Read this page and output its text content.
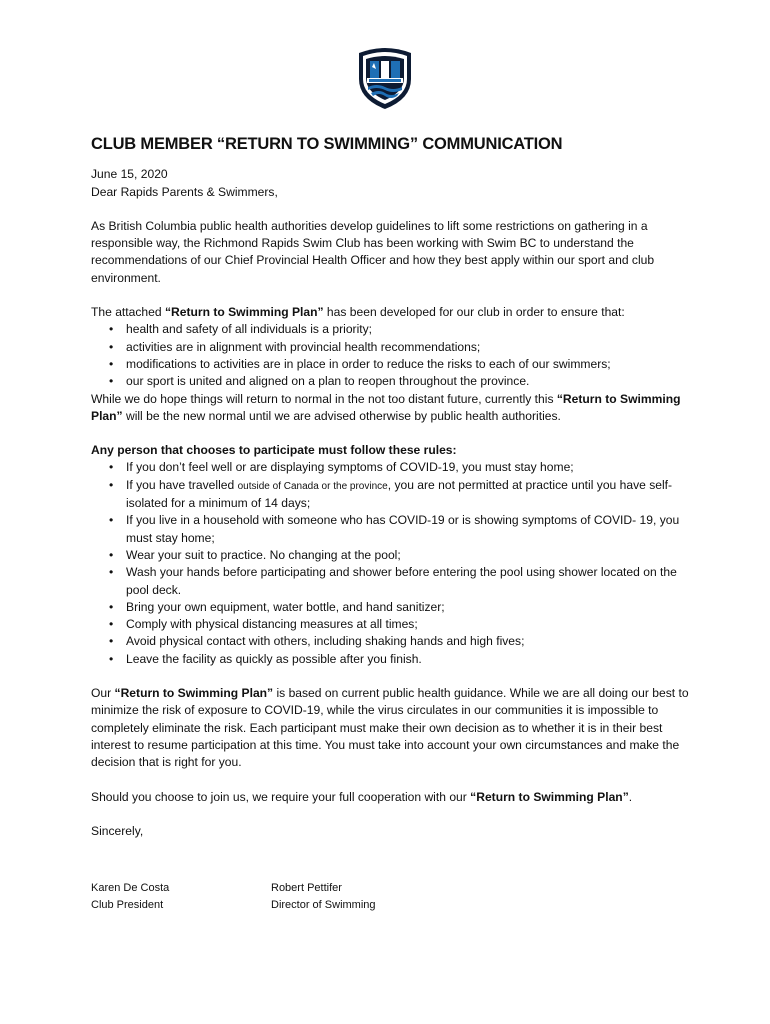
CLUB MEMBER “RETURN TO SWIMMING” COMMUNICATION

June 15, 2020

Dear Rapids Parents & Swimmers,

As British Columbia public health authorities develop guidelines to lift some restrictions on gathering in a responsible way, the Richmond Rapids Swim Club has been working with Swim BC to understand the recommendations of our Chief Provincial Health Officer and how they best apply within our sport and club environment.

The attached “Return to Swimming Plan” has been developed for our club in order to ensure that:

• health and safety of all individuals is a priority;
• activities are in alignment with provincial health recommendations;
• modifications to activities are in place in order to reduce the risks to each of our swimmers;
• our sport is united and aligned on a plan to reopen throughout the province.

While we do hope things will return to normal in the not too distant future, currently this “Return to Swimming Plan” will be the new normal until we are advised otherwise by public health authorities.

Any person that chooses to participate must follow these rules:

• If you don’t feel well or are displaying symptoms of COVID-19, you must stay home;
• If you have travelled outside of Canada or the province, you are not permitted at practice until you have self-isolated for a minimum of 14 days;
• If you live in a household with someone who has COVID-19 or is showing symptoms of COVID- 19, you must stay home;
• Wear your suit to practice. No changing at the pool;
• Wash your hands before participating and shower before entering the pool using shower located on the pool deck.
• Bring your own equipment, water bottle, and hand sanitizer;
• Comply with physical distancing measures at all times;
• Avoid physical contact with others, including shaking hands and high fives;
• Leave the facility as quickly as possible after you finish.

Our “Return to Swimming Plan” is based on current public health guidance. While we are all doing our best to minimize the risk of exposure to COVID-19, while the virus circulates in our communities it is impossible to completely eliminate the risk. Each participant must make their own decision as to whether it is in their best interest to resume participation at this time. You must take into account your own circumstances and make the decision that is right for you.

Should you choose to join us, we require your full cooperation with our “Return to Swimming Plan”.

Sincerely,

Karen De Costa
Club President
Robert Pettifer
Director of Swimming
